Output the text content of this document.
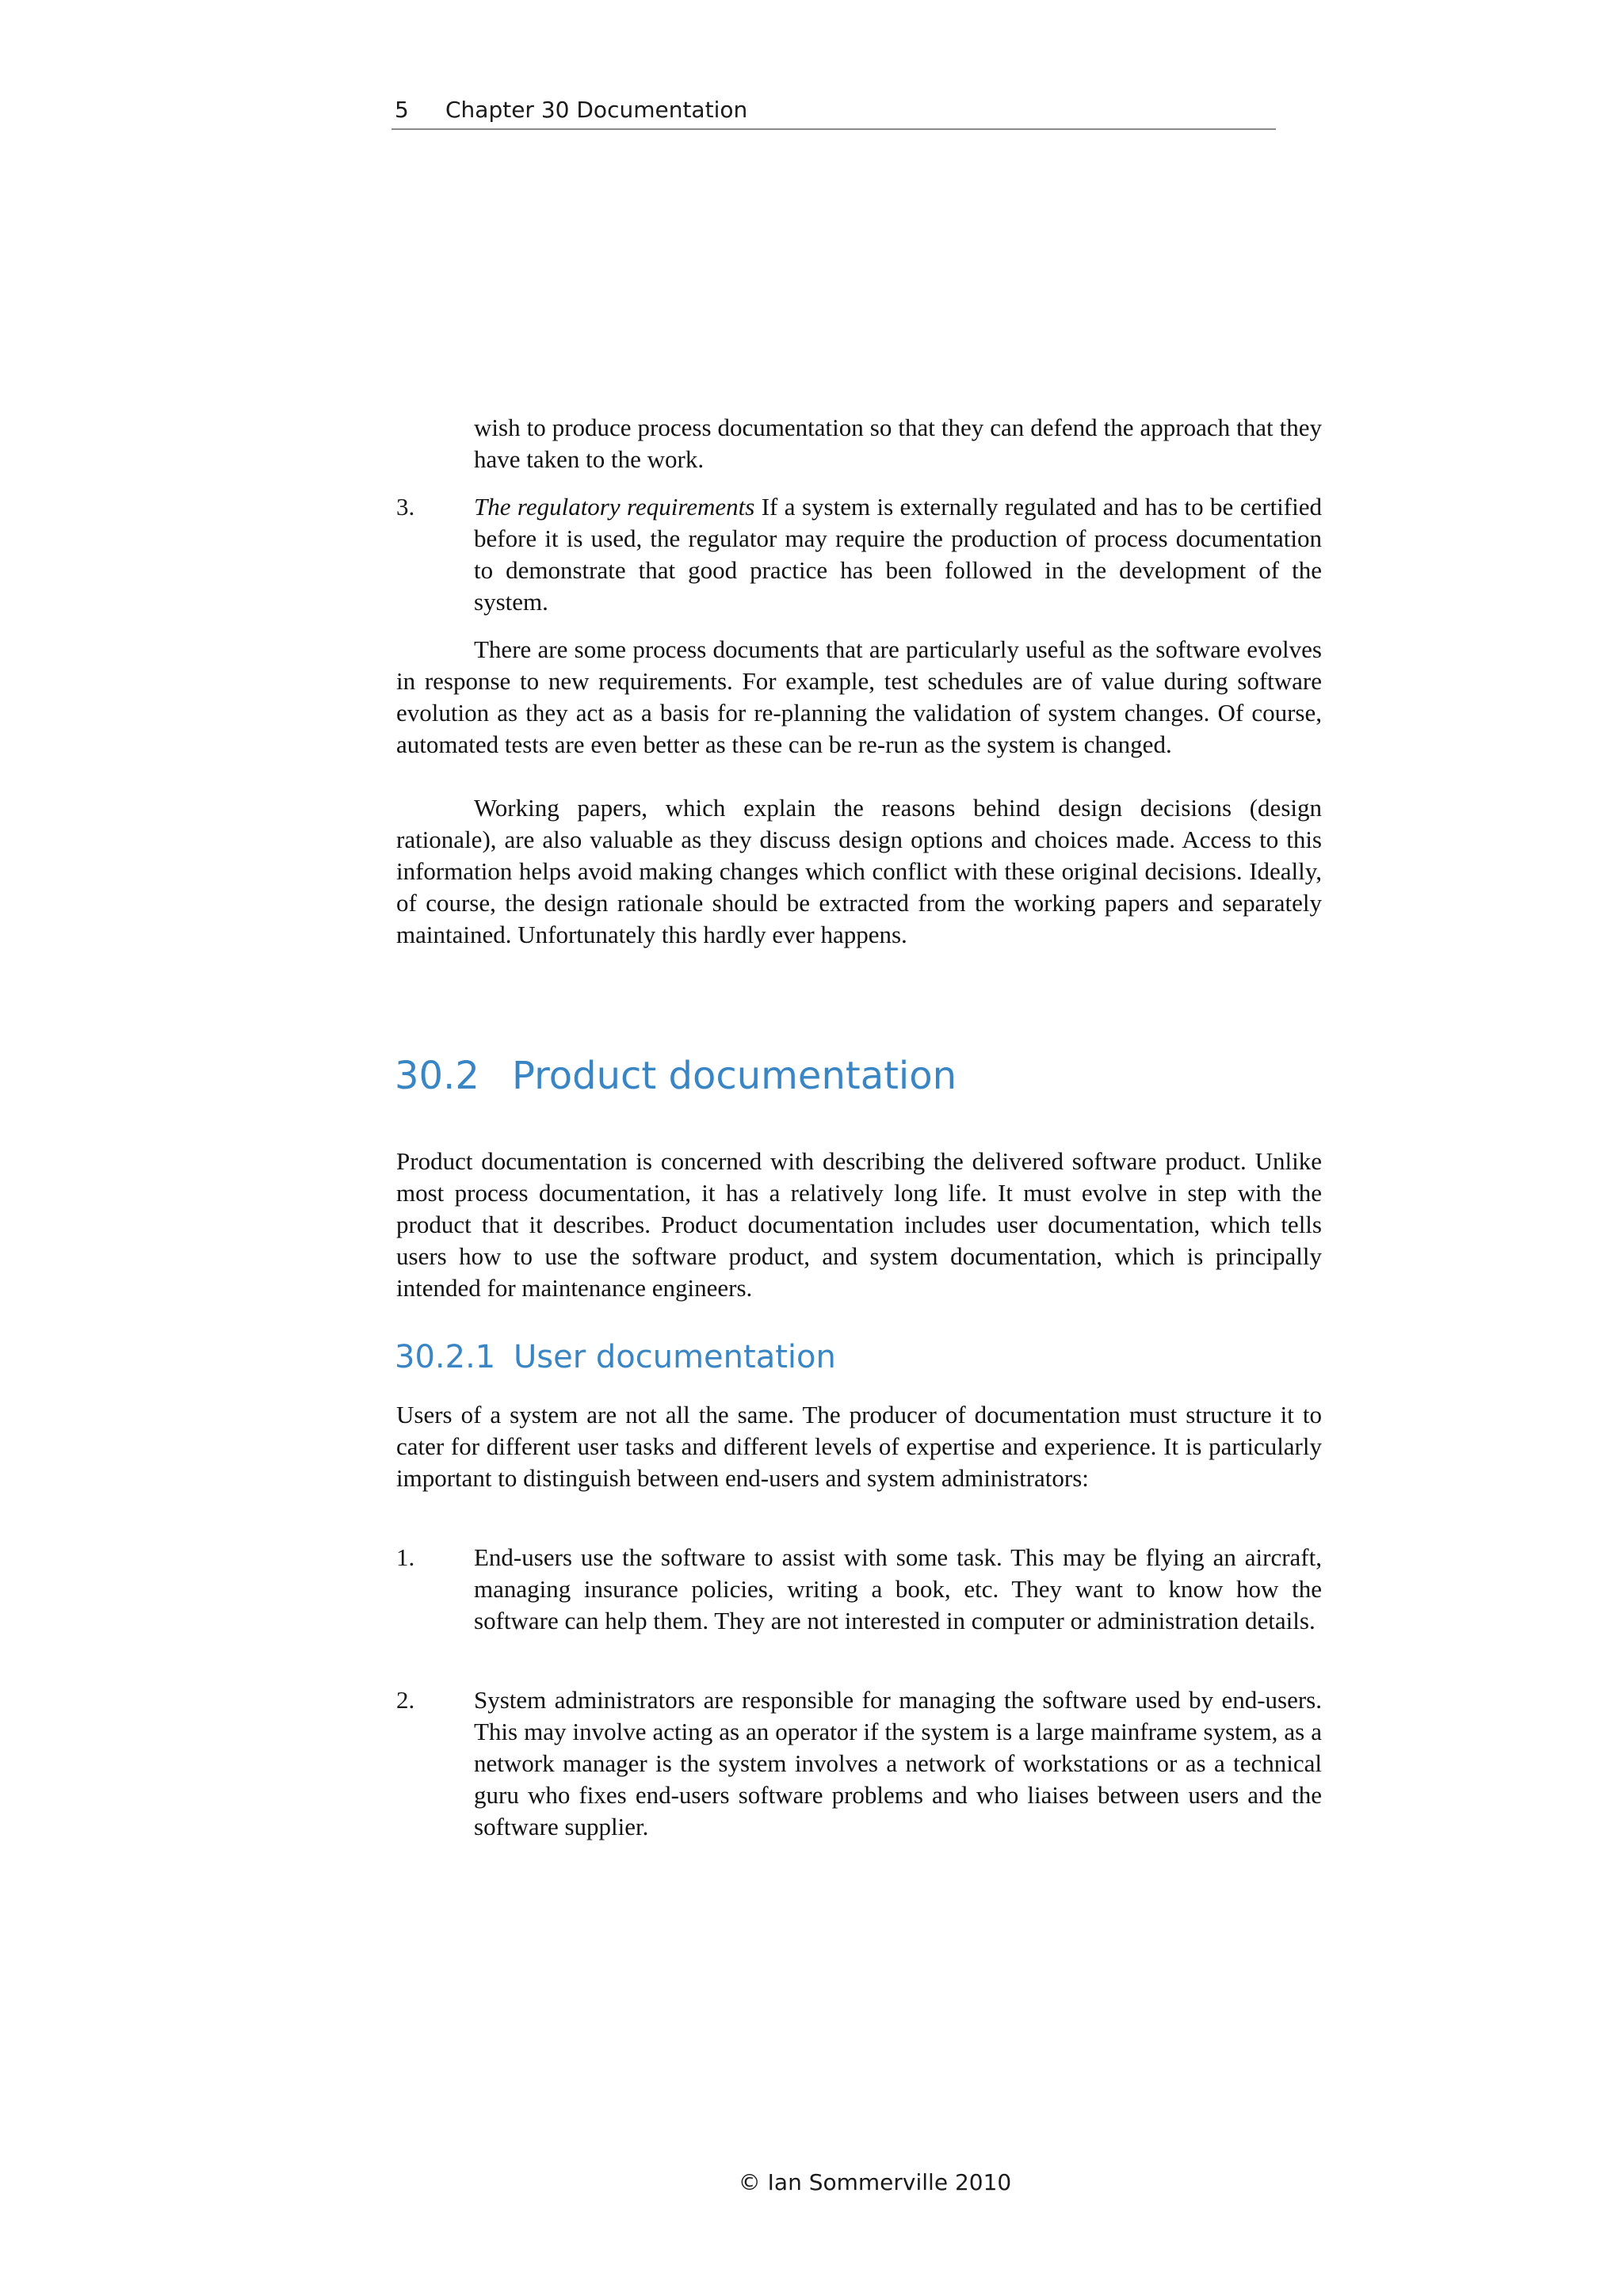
5 Chapter 30 Documentation

wish to produce process documentation so that they can defend the approach that they have taken to the work.

3. The regulatory requirements If a system is externally regulated and has to be certified before it is used, the regulator may require the production of process documentation to demonstrate that good practice has been followed in the development of the system.

There are some process documents that are particularly useful as the software evolves in response to new requirements. For example, test schedules are of value during software evolution as they act as a basis for re-planning the validation of system changes. Of course, automated tests are even better as these can be re-run as the system is changed.

Working papers, which explain the reasons behind design decisions (design rationale), are also valuable as they discuss design options and choices made. Access to this information helps avoid making changes which conflict with these original decisions. Ideally, of course, the design rationale should be extracted from the working papers and separately maintained. Unfortunately this hardly ever happens.

30.2 Product documentation

Product documentation is concerned with describing the delivered software product. Unlike most process documentation, it has a relatively long life. It must evolve in step with the product that it describes. Product documentation includes user documentation, which tells users how to use the software product, and system documentation, which is principally intended for maintenance engineers.

30.2.1 User documentation

Users of a system are not all the same. The producer of documentation must structure it to cater for different user tasks and different levels of expertise and experience. It is particularly important to distinguish between end-users and system administrators:

1. End-users use the software to assist with some task. This may be flying an aircraft, managing insurance policies, writing a book, etc. They want to know how the software can help them. They are not interested in computer or administration details.

2. System administrators are responsible for managing the software used by end-users. This may involve acting as an operator if the system is a large mainframe system, as a network manager is the system involves a network of workstations or as a technical guru who fixes end-users software problems and who liaises between users and the software supplier.

© Ian Sommerville 2010
